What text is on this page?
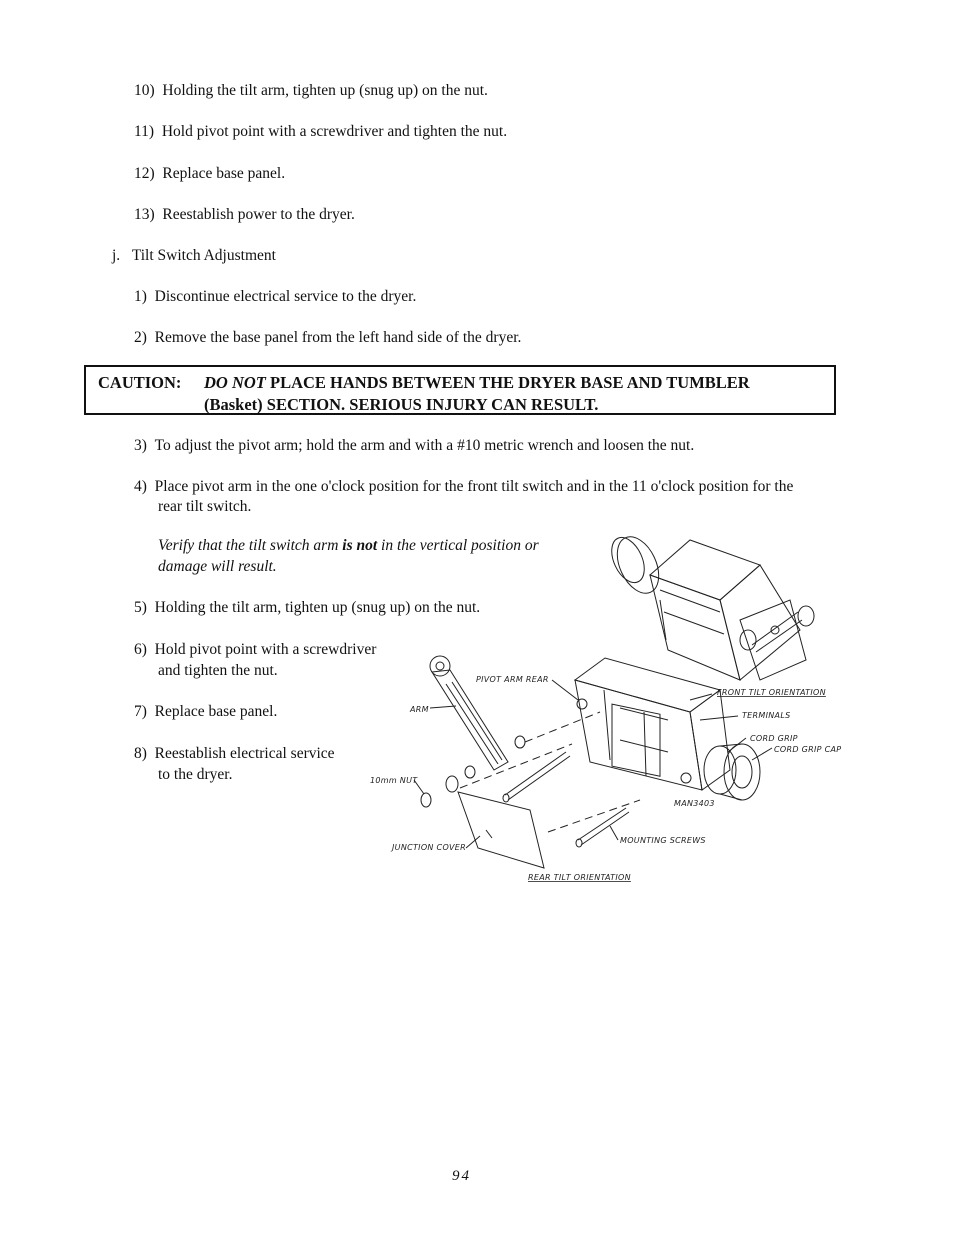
10) Holding the tilt arm, tighten up (snug up) on the nut.
11) Hold pivot point with a screwdriver and tighten the nut.
12) Replace base panel.
13) Reestablish power to the dryer.
j. Tilt Switch Adjustment
1) Discontinue electrical service to the dryer.
2) Remove the base panel from the left hand side of the dryer.
CAUTION: DO NOT PLACE HANDS BETWEEN THE DRYER BASE AND TUMBLER
(Basket) SECTION. SERIOUS INJURY CAN RESULT.
3) To adjust the pivot arm; hold the arm and with a #10 metric wrench and loosen the nut.
4) Place pivot arm in the one o'clock position for the front tilt switch and in the 11 o'clock position for the
rear tilt switch.
Verify that the tilt switch arm is not in the vertical position or
damage will result.
5) Holding the tilt arm, tighten up (snug up) on the nut.
6) Hold pivot point with a screwdriver
and tighten the nut.
7) Replace base panel.
8) Reestablish electrical service
to the dryer.
PIVOT ARM REAR
ARM
10mm NUT
JUNCTION COVER
FRONT TILT ORIENTATION
TERMINALS
CORD GRIP
CORD GRIP CAP
MAN3403
MOUNTING SCREWS
REAR TILT ORIENTATION
94
